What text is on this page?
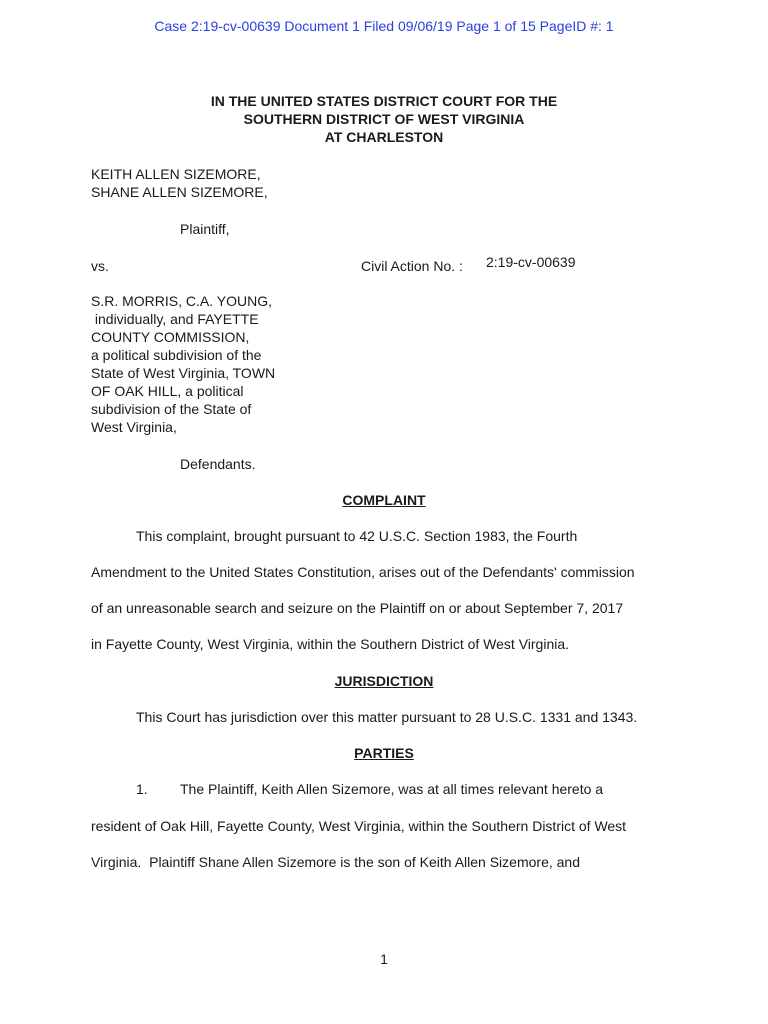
Case 2:19-cv-00639 Document 1 Filed 09/06/19 Page 1 of 15 PageID #: 1
IN THE UNITED STATES DISTRICT COURT FOR THE
SOUTHERN DISTRICT OF WEST VIRGINIA
AT CHARLESTON
KEITH ALLEN SIZEMORE,
SHANE ALLEN SIZEMORE,
Plaintiff,
vs.	Civil Action No. : 2:19-cv-00639
S.R. MORRIS, C.A. YOUNG,
individually, and FAYETTE
COUNTY COMMISSION,
a political subdivision of the
State of West Virginia, TOWN
OF OAK HILL, a political
subdivision of the State of
West Virginia,
Defendants.
COMPLAINT
This complaint, brought pursuant to 42 U.S.C. Section 1983, the Fourth
Amendment to the United States Constitution, arises out of the Defendants' commission
of an unreasonable search and seizure on the Plaintiff on or about September 7, 2017
in Fayette County, West Virginia, within the Southern District of West Virginia.
JURISDICTION
This Court has jurisdiction over this matter pursuant to 28 U.S.C. 1331 and 1343.
PARTIES
1. The Plaintiff, Keith Allen Sizemore, was at all times relevant hereto a
resident of Oak Hill, Fayette County, West Virginia, within the Southern District of West
Virginia.  Plaintiff Shane Allen Sizemore is the son of Keith Allen Sizemore, and
1
